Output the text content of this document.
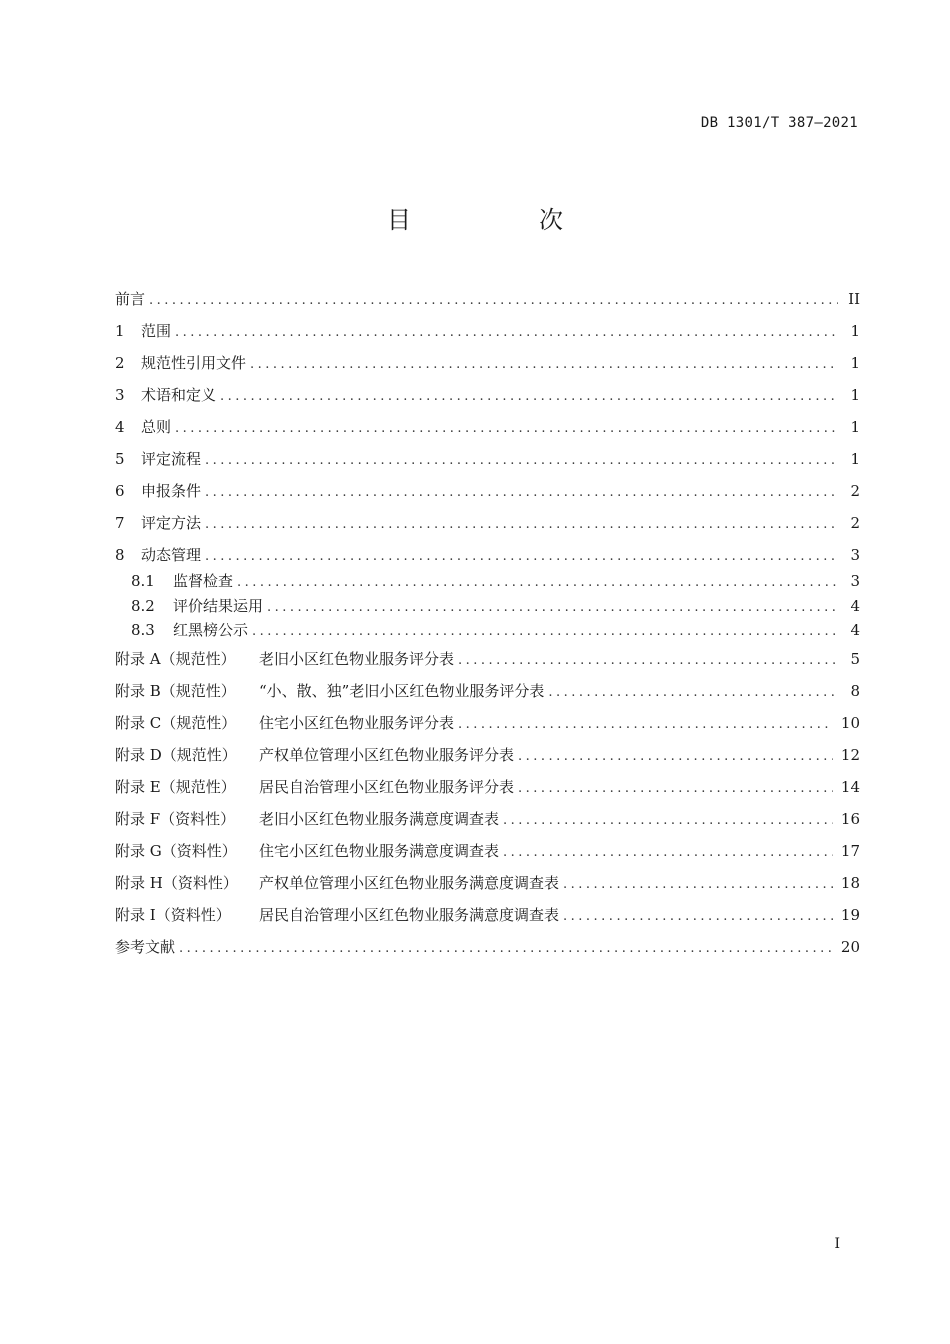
DB 1301/T 387—2021
目　次
前言 .....	II
1	范围 .....	1
2	规范性引用文件 .....	1
3	术语和定义 .....	1
4	总则 .....	1
5	评定流程 .....	1
6	申报条件 .....	2
7	评定方法 .....	2
8	动态管理 .....	3
8.1	监督检查 .....	3
8.2	评价结果运用 .....	4
8.3	红黑榜公示 .....	4
附录 A（规范性）	老旧小区红色物业服务评分表 .....	5
附录 B（规范性）	“小、散、独”老旧小区红色物业服务评分表 .....	8
附录 C（规范性）	住宅小区红色物业服务评分表 .....	10
附录 D（规范性）	产权单位管理小区红色物业服务评分表 .....	12
附录 E（规范性）	居民自治管理小区红色物业服务评分表 .....	14
附录 F（资料性）	老旧小区红色物业服务满意度调查表 .....	16
附录 G（资料性）	住宅小区红色物业服务满意度调查表 .....	17
附录 H（资料性）	产权单位管理小区红色物业服务满意度调查表 .....	18
附录 I（资料性）	居民自治管理小区红色物业服务满意度调查表 .....	19
参考文献 .....	20
I
